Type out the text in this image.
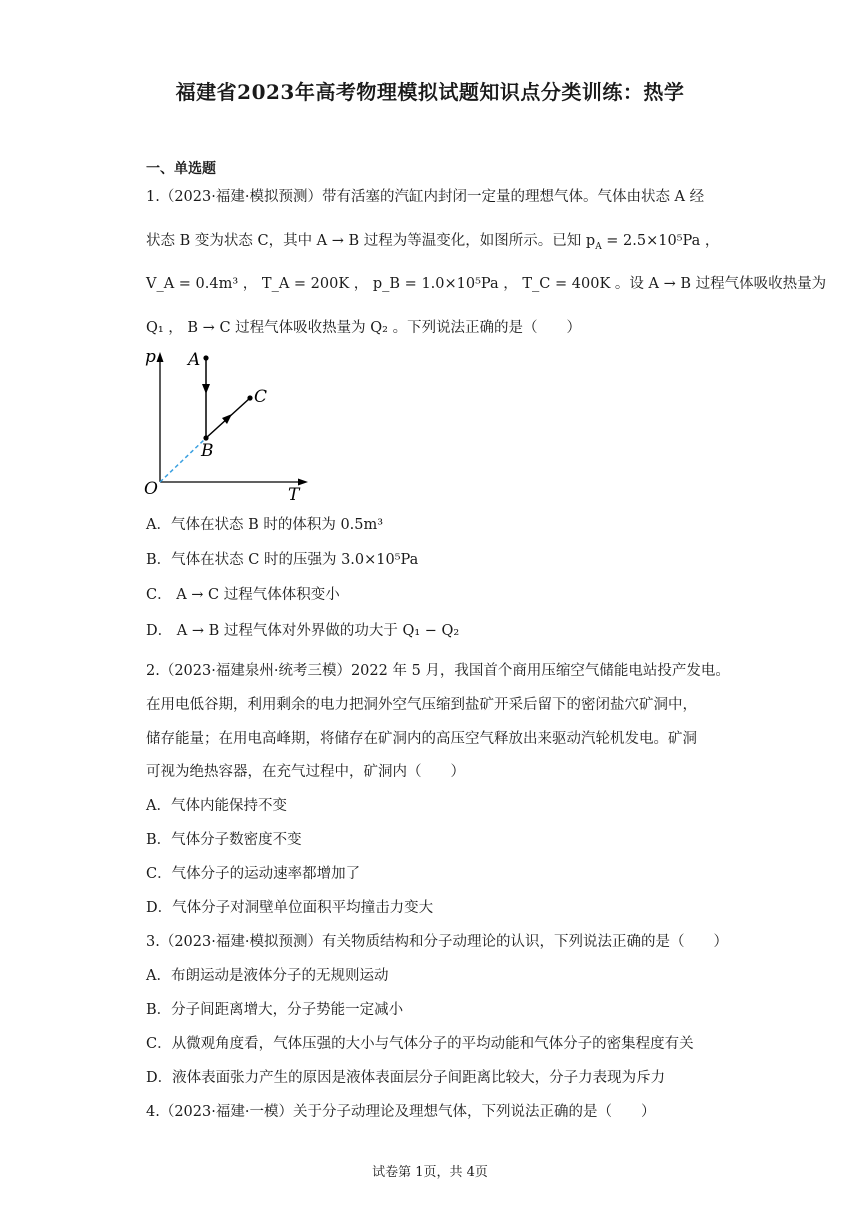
福建省2023年高考物理模拟试题知识点分类训练：热学
一、单选题
1.（2023·福建·模拟预测）带有活塞的汽缸内封闭一定量的理想气体。气体由状态 A 经
状态 B 变为状态 C，其中 A → B 过程为等温变化，如图所示。已知 $p_A = 2.5\times 10^5Pa$ ，
V_A = 0.4m³ ， T_A = 200K ， p_B = 1.0×10⁵Pa ， T_C = 400K 。设 A → B 过程气体吸收热量为
Q₁ ， B → C 过程气体吸收热量为 Q₂ 。下列说法正确的是（　　）
p
T
O
A
B
C
A．气体在状态 B 时的体积为 0.5m³
B．气体在状态 C 时的压强为 3.0×10⁵Pa
C． A → C 过程气体体积变小
D． A → B 过程气体对外界做的功大于 Q₁ − Q₂
2.（2023·福建泉州·统考三模）2022 年 5 月，我国首个商用压缩空气储能电站投产发电。
在用电低谷期，利用剩余的电力把洞外空气压缩到盐矿开采后留下的密闭盐穴矿洞中，
储存能量；在用电高峰期，将储存在矿洞内的高压空气释放出来驱动汽轮机发电。矿洞
可视为绝热容器，在充气过程中，矿洞内（　　）
A．气体内能保持不变
B．气体分子数密度不变
C．气体分子的运动速率都增加了
D．气体分子对洞壁单位面积平均撞击力变大
3.（2023·福建·模拟预测）有关物质结构和分子动理论的认识，下列说法正确的是（　　）
A．布朗运动是液体分子的无规则运动
B．分子间距离增大，分子势能一定减小
C．从微观角度看，气体压强的大小与气体分子的平均动能和气体分子的密集程度有关
D．液体表面张力产生的原因是液体表面层分子间距离比较大，分子力表现为斥力
4.（2023·福建·一模）关于分子动理论及理想气体，下列说法正确的是（　　）
试卷第 1页，共 4页
